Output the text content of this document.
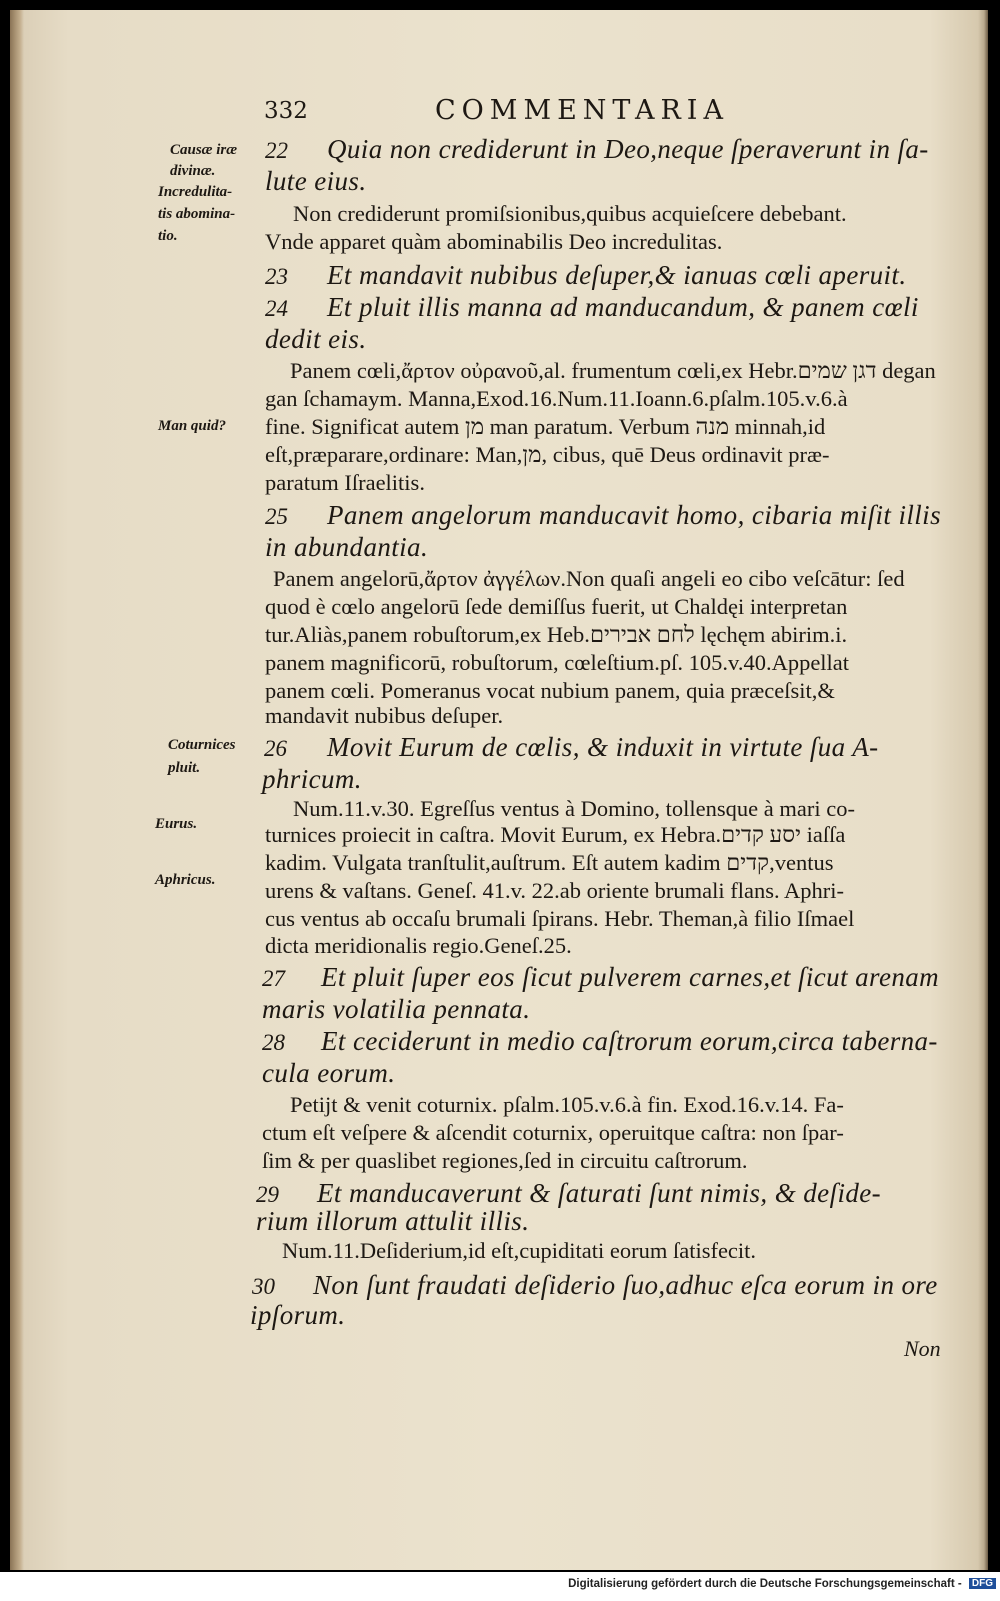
332	COMMENTARIA
Causæ iræ
divinæ.
Incredulita-
tis abomina-
tio.
Man quid?
Coturnices
pluit.
Eurus.
Aphricus.
22 Quia non crediderunt in Deo,neque ſperaverunt in ſa-
lute eius.
Non crediderunt promiſsionibus,quibus acquieſcere debebant.
Vnde apparet quàm abominabilis Deo incredulitas.
23 Et mandavit nubibus deſuper,& ianuas cœli aperuit.
24 Et pluit illis manna ad manducandum, & panem cœli
dedit eis.
Panem cœli,ἄρτον οὐρανοῦ,al. frumentum cœli,ex Hebr.דגן שמים degan
gan ſchamaym. Manna,Exod.16.Num.11.Ioann.6.pſalm.105.v.6.à
fine. Significat autem מן man paratum. Verbum מנה minnah,id
eſt,præparare,ordinare: Man,מן, cibus, quē Deus ordinavit præ-
paratum Iſraelitis.
25 Panem angelorum manducavit homo, cibaria miſit illis
in abundantia.
Panem angelorū,ἄρτον ἀγγέλων.Non quaſi angeli eo cibo veſcātur: ſed
quod è cœlo angelorū ſede demiſſus fuerit, ut Chaldęi interpretan
tur.Aliàs,panem robuſtorum,ex Heb.לחם אבירים lęchęm abirim.i.
panem magnificorū, robuſtorum, cœleſtium.pſ. 105.v.40.Appellat
panem cœli. Pomeranus vocat nubium panem, quia præceſsit,&
mandavit nubibus deſuper.
26 Movit Eurum de cœlis, & induxit in virtute ſua A-
phricum.
Num.11.v.30. Egreſſus ventus à Domino, tollensque à mari co-
turnices proiecit in caſtra. Movit Eurum, ex Hebra.יסע קדים iaſſa
kadim. Vulgata tranſtulit,auſtrum. Eſt autem kadim קדים,ventus
urens & vaſtans. Geneſ. 41.v. 22.ab oriente brumali flans. Aphri-
cus ventus ab occaſu brumali ſpirans. Hebr. Theman,à filio Iſmael
dicta meridionalis regio.Geneſ.25.
27 Et pluit ſuper eos ſicut pulverem carnes,et ſicut arenam
maris volatilia pennata.
28 Et ceciderunt in medio caſtrorum eorum,circa taberna-
cula eorum.
Petijt & venit coturnix. pſalm.105.v.6.à fin. Exod.16.v.14. Fa-
ctum eſt veſpere & aſcendit coturnix, operuitque caſtra: non ſpar-
ſim & per quaslibet regiones,ſed in circuitu caſtrorum.
29 Et manducaverunt & ſaturati ſunt nimis, & deſide-
rium illorum attulit illis.
Num.11.Deſiderium,id eſt,cupiditati eorum ſatisfecit.
30 Non ſunt fraudati deſiderio ſuo,adhuc eſca eorum in ore
ipſorum.
Non
Digitalisierung gefördert durch die Deutsche Forschungsgemeinschaft - DFG
